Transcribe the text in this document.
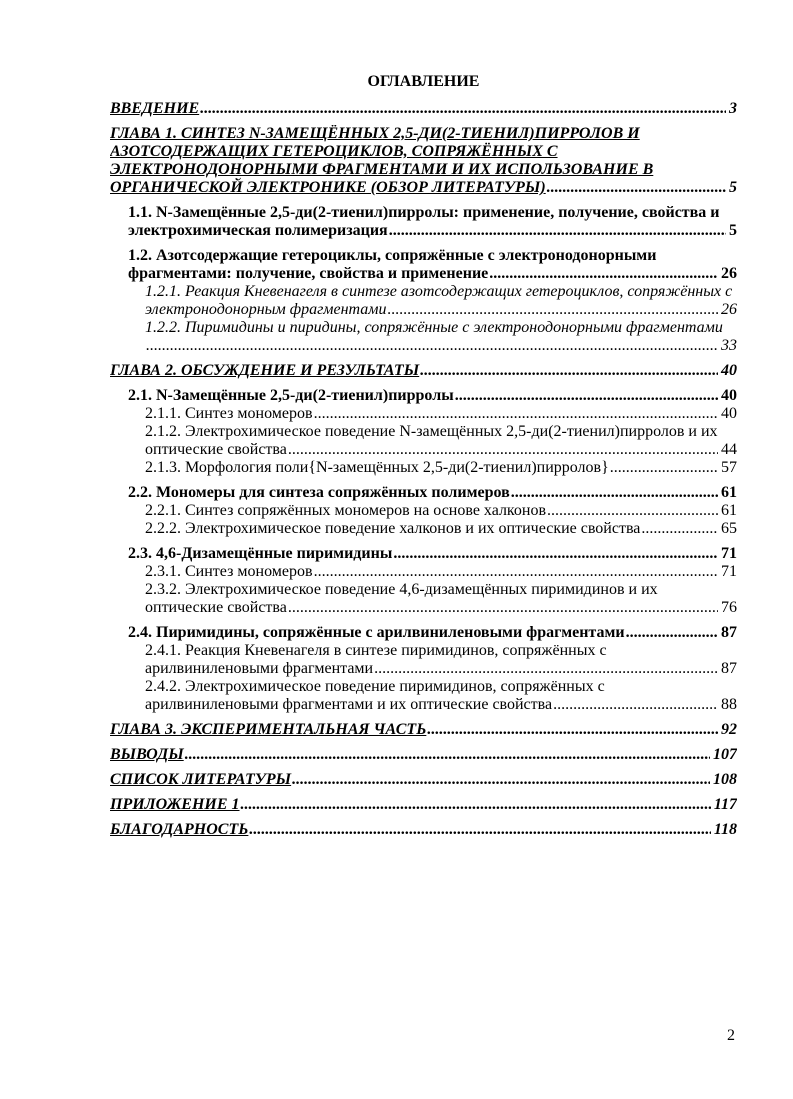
ОГЛАВЛЕНИЕ
ВВЕДЕНИЕ .....	3
ГЛАВА 1. СИНТЕЗ N-ЗАМЕЩЁННЫХ 2,5-ДИ(2-ТИЕНИЛ)ПИРРОЛОВ И
АЗОТСОДЕРЖАЩИХ ГЕТЕРОЦИКЛОВ, СОПРЯЖЁННЫХ С
ЭЛЕКТРОНОДОНОРНЫМИ ФРАГМЕНТАМИ И ИХ ИСПОЛЬЗОВАНИЕ В
ОРГАНИЧЕСКОЙ ЭЛЕКТРОНИКЕ (ОБЗОР ЛИТЕРАТУРЫ) .....	5
1.1. N-Замещённые 2,5-ди(2-тиенил)пирролы: применение, получение, свойства и
электрохимическая полимеризация .....	5
1.2. Азотсодержащие гетероциклы, сопряжённые с электронодонорными
фрагментами: получение, свойства и применение .....	26
1.2.1. Реакция Кневенагеля в синтезе азотсодержащих гетероциклов, сопряжённых с
электронодонорным фрагментами .....	26
1.2.2. Пиримидины и пиридины, сопряжённые с электронодонорными фрагментами
33
ГЛАВА 2. ОБСУЖДЕНИЕ И РЕЗУЛЬТАТЫ .....	40
2.1. N-Замещённые 2,5-ди(2-тиенил)пирролы .....	40
2.1.1. Синтез мономеров .....	40
2.1.2. Электрохимическое поведение N-замещённых 2,5-ди(2-тиенил)пирролов и их
оптические свойства .....	44
2.1.3. Морфология поли{N-замещённых 2,5-ди(2-тиенил)пирролов} .....	57
2.2. Мономеры для синтеза сопряжённых полимеров .....	61
2.2.1. Синтез сопряжённых мономеров на основе халконов .....	61
2.2.2. Электрохимическое поведение халконов и их оптические свойства .....	65
2.3. 4,6-Дизамещённые пиримидины .....	71
2.3.1. Синтез мономеров .....	71
2.3.2. Электрохимическое поведение 4,6-дизамещённых пиримидинов и их
оптические свойства .....	76
2.4. Пиримидины, сопряжённые с арилвиниленовыми фрагментами .....	87
2.4.1. Реакция Кневенагеля в синтезе пиримидинов, сопряжённых с
арилвиниленовыми фрагментами .....	87
2.4.2. Электрохимическое поведение пиримидинов, сопряжённых с
арилвиниленовыми фрагментами и их оптические свойства .....	88
ГЛАВА 3. ЭКСПЕРИМЕНТАЛЬНАЯ ЧАСТЬ .....	92
ВЫВОДЫ .....	107
СПИСОК ЛИТЕРАТУРЫ .....	108
ПРИЛОЖЕНИЕ 1 .....	117
БЛАГОДАРНОСТЬ .....	118
2
